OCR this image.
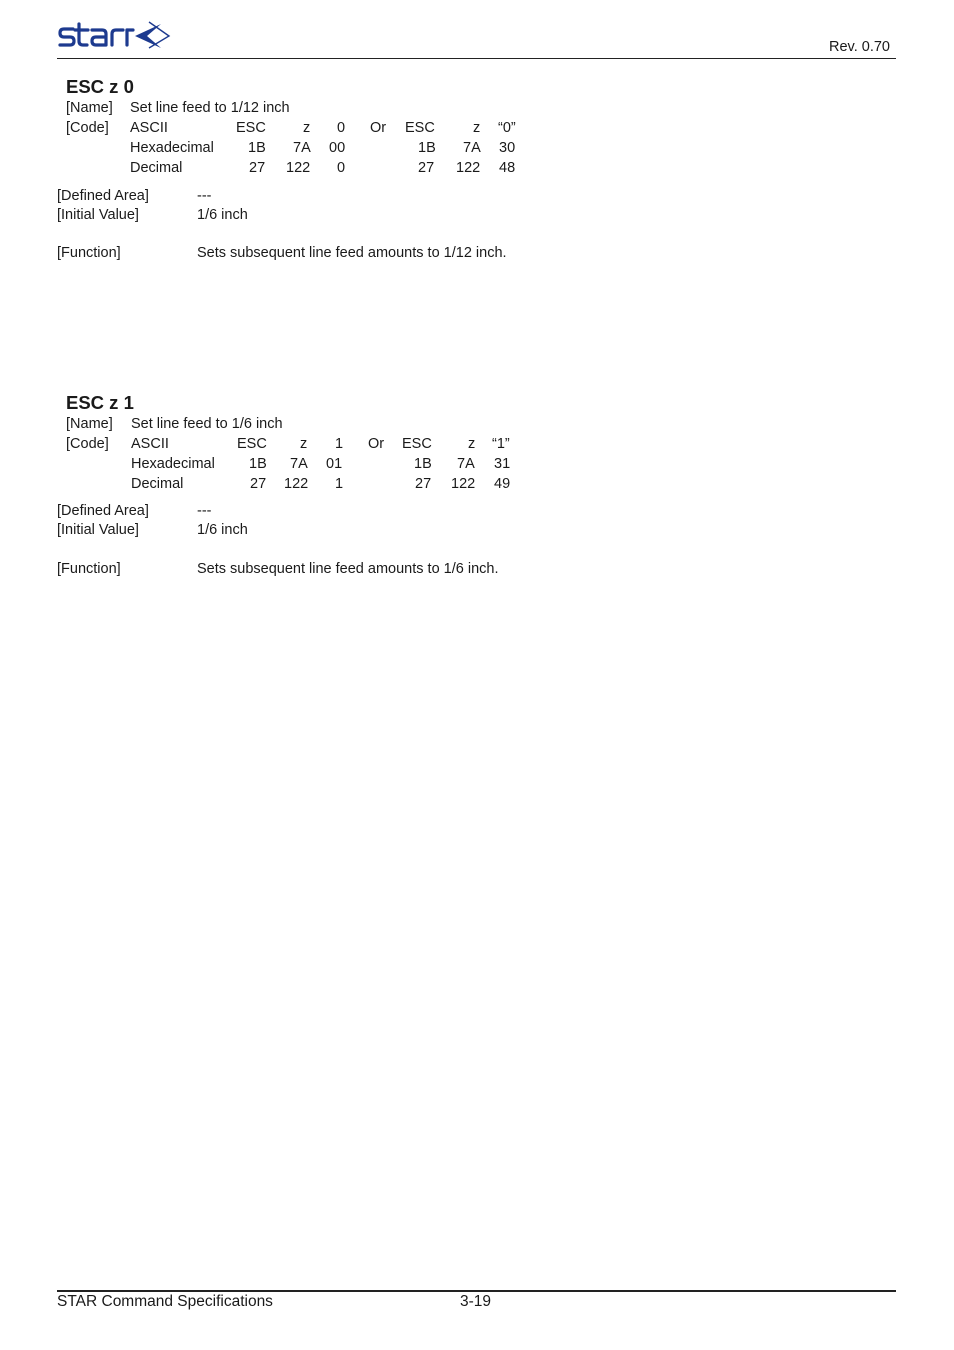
Rev. 0.70
ESC z 0
[Name] Set line feed to 1/12 inch
[Code] ASCII	ESC	z 0 Or ESC	z “0”
Hexadecimal 1B 7A 00	1B 7A 30
Decimal	27 122 0	27 122 48
[Defined Area]	---
[Initial Value]	1/6 inch
[Function]	Sets subsequent line feed amounts to 1/12 inch.
ESC z 1
[Name] Set line feed to 1/6 inch
[Code] ASCII	ESC z 1 Or ESC z “1”
Hexadecimal 1B 7A 01	1B 7A 31
Decimal	27 122 1	27 122 49
[Defined Area]	---
[Initial Value]	1/6 inch
[Function]	Sets subsequent line feed amounts to 1/6 inch.
STAR Command Specifications	3-19
